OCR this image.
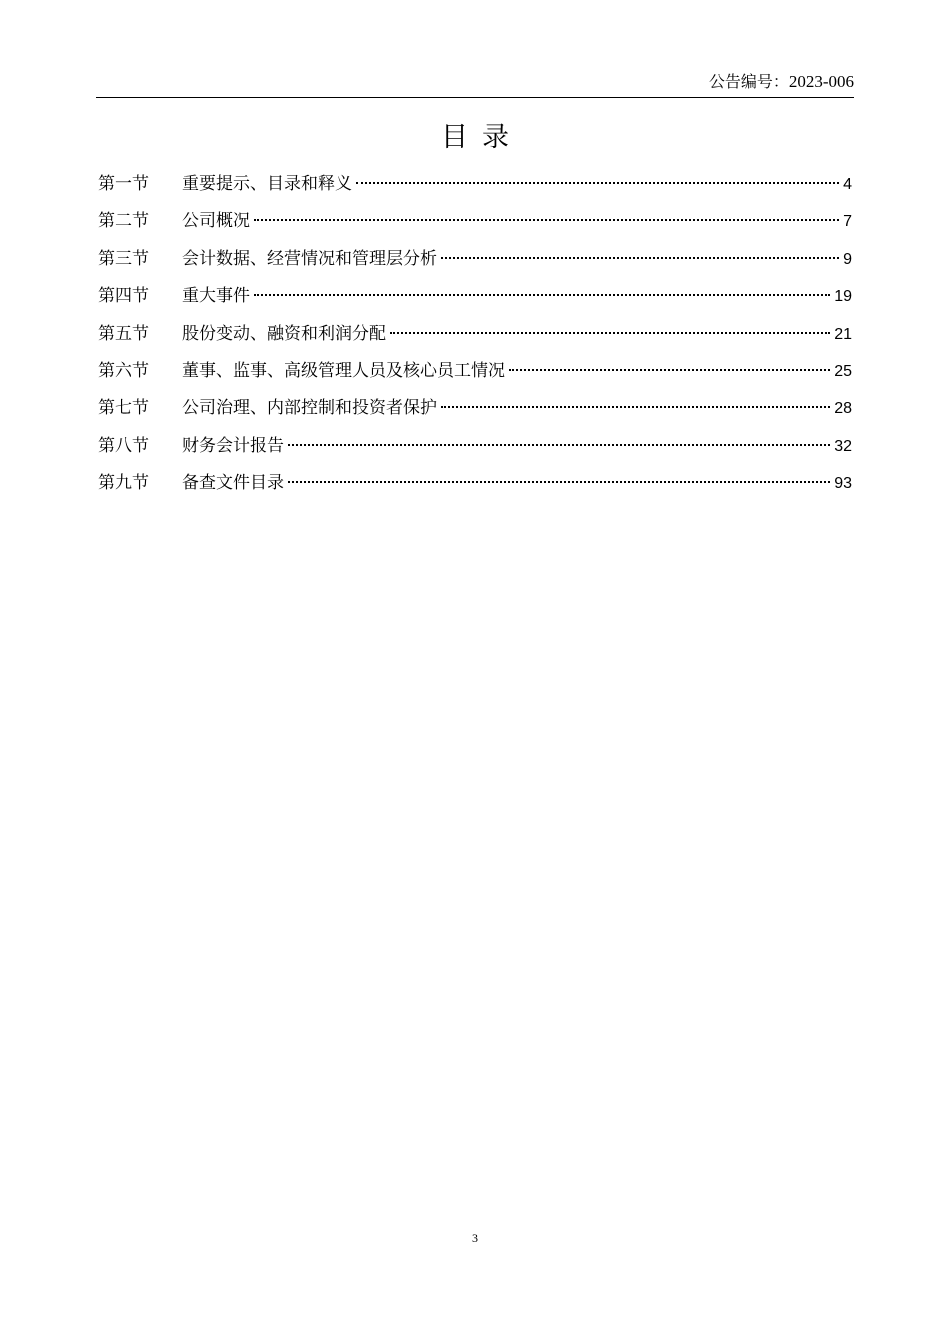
公告编号：2023-006
目录
第一节	重要提示、目录和释义	4
第二节	公司概况	7
第三节	会计数据、经营情况和管理层分析	9
第四节	重大事件	19
第五节	股份变动、融资和利润分配	21
第六节	董事、监事、高级管理人员及核心员工情况	25
第七节	公司治理、内部控制和投资者保护	28
第八节	财务会计报告	32
第九节	备查文件目录	93
3
